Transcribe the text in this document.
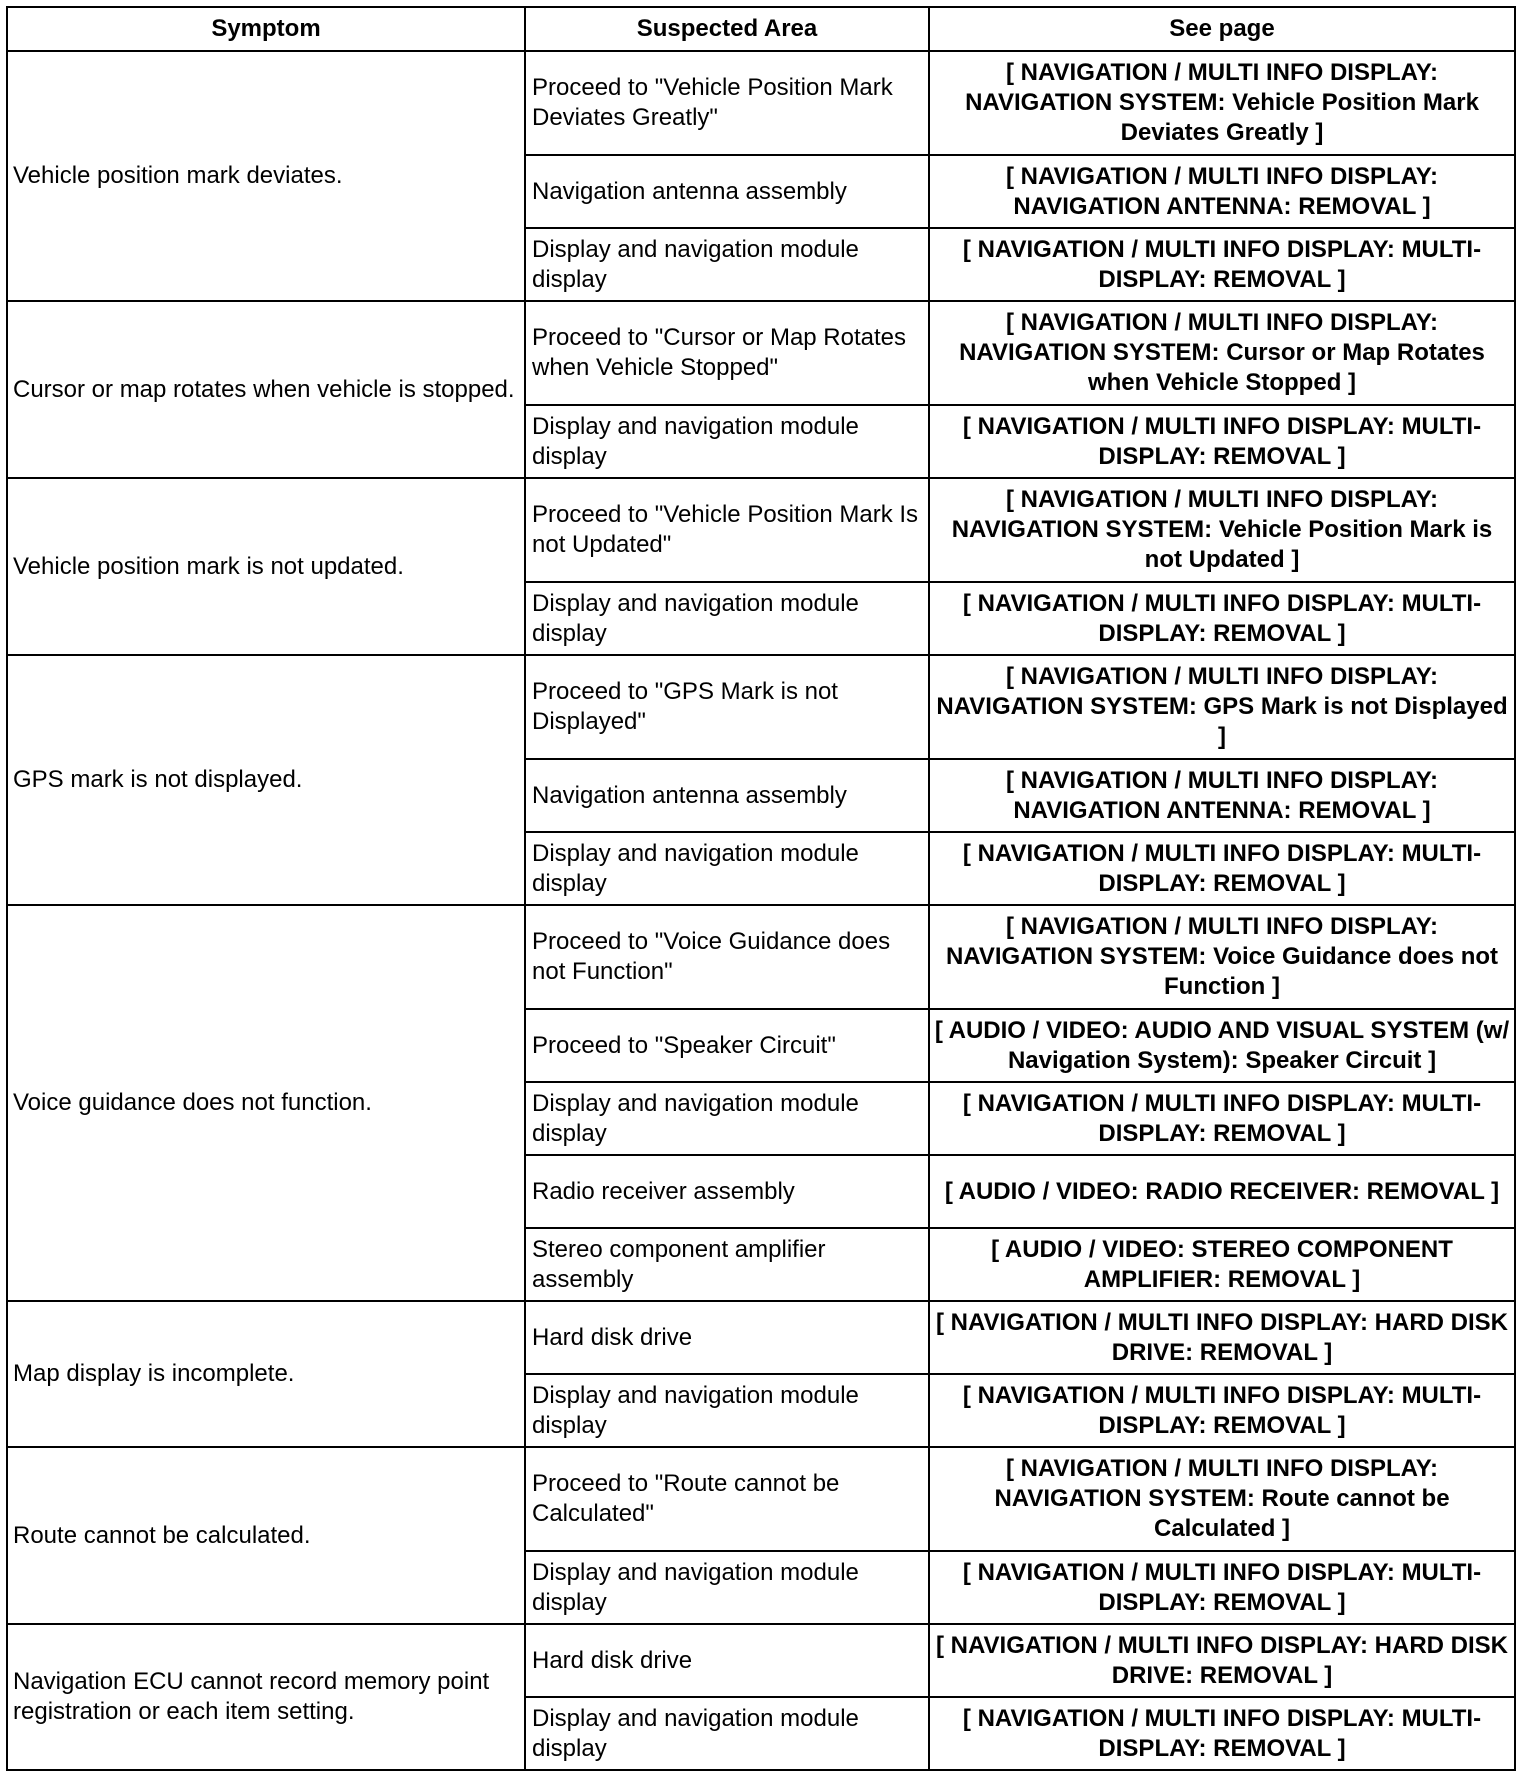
Symptom	Suspected Area	See page
Vehicle position mark deviates.	Proceed to "Vehicle Position Mark Deviates Greatly"	[ NAVIGATION / MULTI INFO DISPLAY: NAVIGATION SYSTEM: Vehicle Position Mark Deviates Greatly ]
	Navigation antenna assembly	[ NAVIGATION / MULTI INFO DISPLAY: NAVIGATION ANTENNA: REMOVAL ]
	Display and navigation module display	[ NAVIGATION / MULTI INFO DISPLAY: MULTI-DISPLAY: REMOVAL ]
Cursor or map rotates when vehicle is stopped.	Proceed to "Cursor or Map Rotates when Vehicle Stopped"	[ NAVIGATION / MULTI INFO DISPLAY: NAVIGATION SYSTEM: Cursor or Map Rotates when Vehicle Stopped ]
	Display and navigation module display	[ NAVIGATION / MULTI INFO DISPLAY: MULTI-DISPLAY: REMOVAL ]
Vehicle position mark is not updated.	Proceed to "Vehicle Position Mark Is not Updated"	[ NAVIGATION / MULTI INFO DISPLAY: NAVIGATION SYSTEM: Vehicle Position Mark is not Updated ]
	Display and navigation module display	[ NAVIGATION / MULTI INFO DISPLAY: MULTI-DISPLAY: REMOVAL ]
GPS mark is not displayed.	Proceed to "GPS Mark is not Displayed"	[ NAVIGATION / MULTI INFO DISPLAY: NAVIGATION SYSTEM: GPS Mark is not Displayed ]
	Navigation antenna assembly	[ NAVIGATION / MULTI INFO DISPLAY: NAVIGATION ANTENNA: REMOVAL ]
	Display and navigation module display	[ NAVIGATION / MULTI INFO DISPLAY: MULTI-DISPLAY: REMOVAL ]
Voice guidance does not function.	Proceed to "Voice Guidance does not Function"	[ NAVIGATION / MULTI INFO DISPLAY: NAVIGATION SYSTEM: Voice Guidance does not Function ]
	Proceed to "Speaker Circuit"	[ AUDIO / VIDEO: AUDIO AND VISUAL SYSTEM (w/ Navigation System): Speaker Circuit ]
	Display and navigation module display	[ NAVIGATION / MULTI INFO DISPLAY: MULTI-DISPLAY: REMOVAL ]
	Radio receiver assembly	[ AUDIO / VIDEO: RADIO RECEIVER: REMOVAL ]
	Stereo component amplifier assembly	[ AUDIO / VIDEO: STEREO COMPONENT AMPLIFIER: REMOVAL ]
Map display is incomplete.	Hard disk drive	[ NAVIGATION / MULTI INFO DISPLAY: HARD DISK DRIVE: REMOVAL ]
	Display and navigation module display	[ NAVIGATION / MULTI INFO DISPLAY: MULTI-DISPLAY: REMOVAL ]
Route cannot be calculated.	Proceed to "Route cannot be Calculated"	[ NAVIGATION / MULTI INFO DISPLAY: NAVIGATION SYSTEM: Route cannot be Calculated ]
	Display and navigation module display	[ NAVIGATION / MULTI INFO DISPLAY: MULTI-DISPLAY: REMOVAL ]
Navigation ECU cannot record memory point registration or each item setting.	Hard disk drive	[ NAVIGATION / MULTI INFO DISPLAY: HARD DISK DRIVE: REMOVAL ]
	Display and navigation module display	[ NAVIGATION / MULTI INFO DISPLAY: MULTI-DISPLAY: REMOVAL ]
